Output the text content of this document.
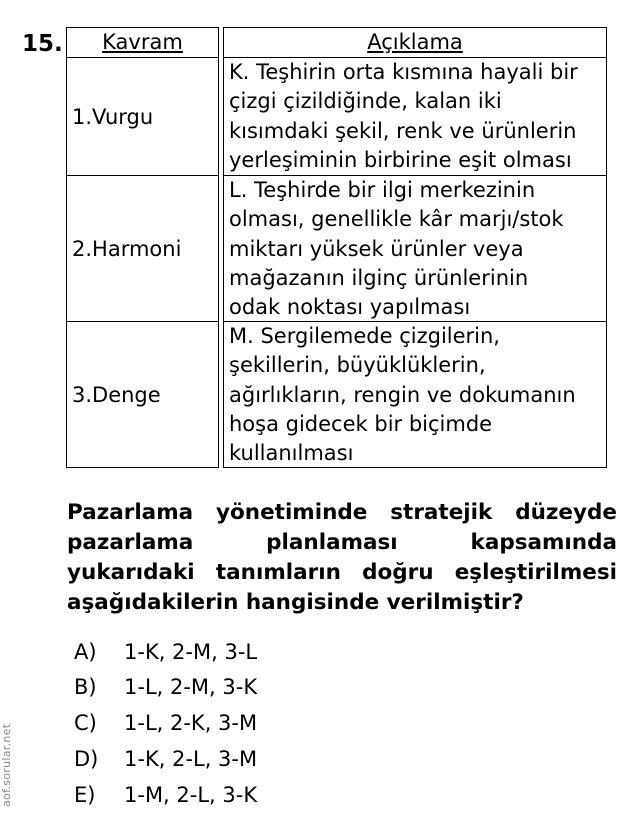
15.	Kavram	Açıklama
1.Vurgu
K. Teşhirin orta kısmına hayali bir
çizgi çizildiğinde, kalan iki
kısımdaki şekil, renk ve ürünlerin
yerleşiminin birbirine eşit olması
2.Harmoni
L. Teşhirde bir ilgi merkezinin
olması, genellikle kâr marjı/stok
miktarı yüksek ürünler veya
mağazanın ilginç ürünlerinin
odak noktası yapılması
3.Denge
M. Sergilemede çizgilerin,
şekillerin, büyüklüklerin,
ağırlıkların, rengin ve dokumanın
hoşa gidecek bir biçimde
kullanılması
Pazarlama yönetiminde stratejik düzeyde pazarlama planlaması kapsamında yukarıdaki tanımların doğru eşleştirilmesi aşağıdakilerin hangisinde verilmiştir?
A) 1-K, 2-M, 3-L
B) 1-L, 2-M, 3-K
C) 1-L, 2-K, 3-M
D) 1-K, 2-L, 3-M
E) 1-M, 2-L, 3-K
aof.sorular.net
